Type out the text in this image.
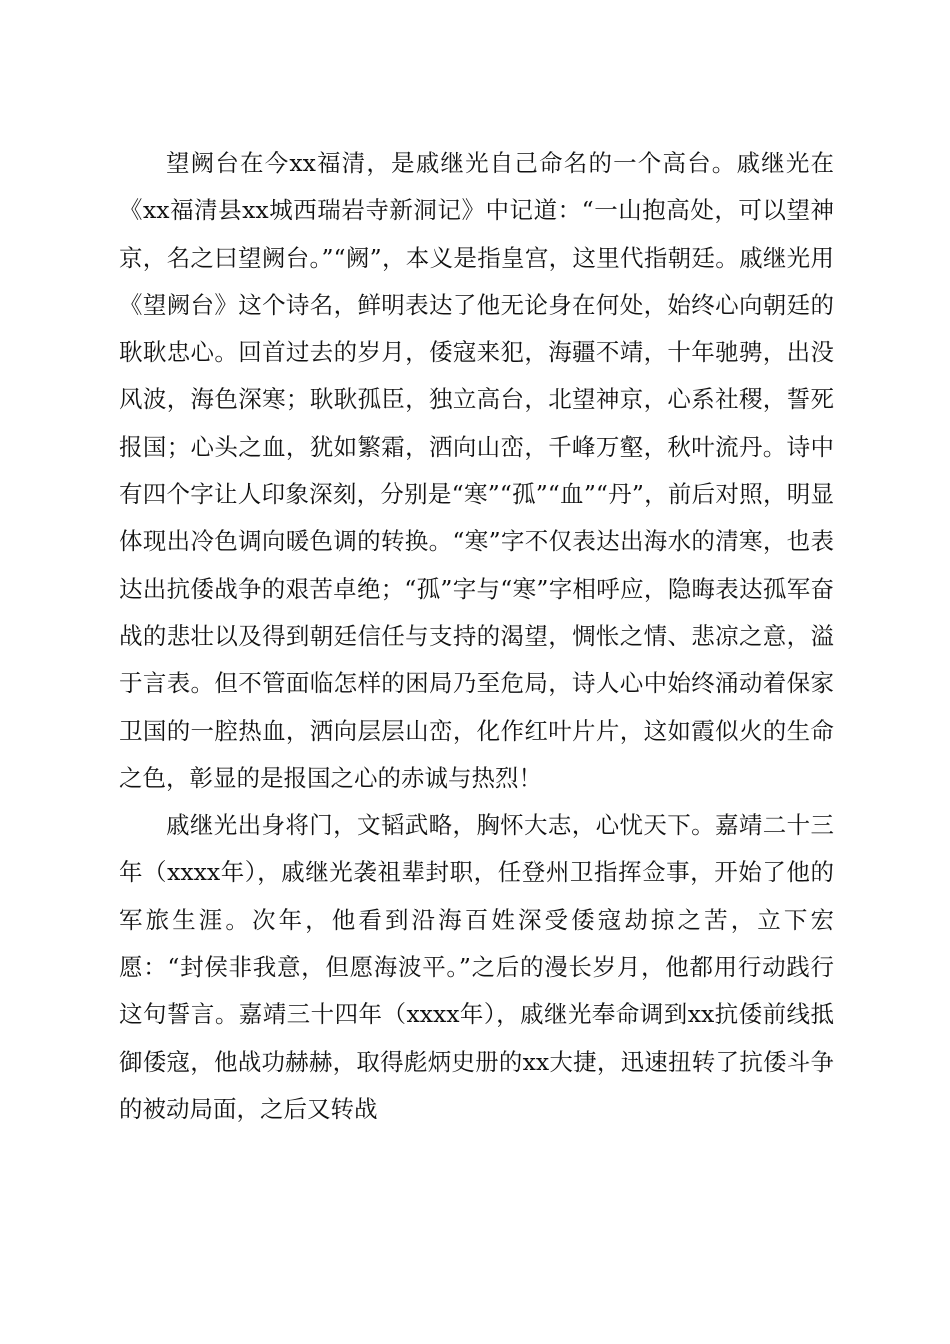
望阙台在今xx福清，是戚继光自己命名的一个高台。戚继光在《xx福清县xx城西瑞岩寺新洞记》中记道：“一山抱高处，可以望神京，名之曰望阙台。”“阙”，本义是指皇宫，这里代指朝廷。戚继光用《望阙台》这个诗名，鲜明表达了他无论身在何处，始终心向朝廷的耿耿忠心。回首过去的岁月，倭寇来犯，海疆不靖，十年驰骋，出没风波，海色深寒；耿耿孤臣，独立高台，北望神京，心系社稷，誓死报国；心头之血，犹如繁霜，洒向山峦，千峰万壑，秋叶流丹。诗中有四个字让人印象深刻，分别是“寒”“孤”“血”“丹”，前后对照，明显体现出冷色调向暖色调的转换。“寒”字不仅表达出海水的清寒，也表达出抗倭战争的艰苦卓绝；“孤”字与“寒”字相呼应，隐晦表达孤军奋战的悲壮以及得到朝廷信任与支持的渴望，惆怅之情、悲凉之意，溢于言表。但不管面临怎样的困局乃至危局，诗人心中始终涌动着保家卫国的一腔热血，洒向层层山峦，化作红叶片片，这如霞似火的生命之色，彰显的是报国之心的赤诚与热烈！

戚继光出身将门，文韬武略，胸怀大志，心忧天下。嘉靖二十三年（xxxx年），戚继光袭祖辈封职，任登州卫指挥佥事，开始了他的军旅生涯。次年，他看到沿海百姓深受倭寇劫掠之苦，立下宏愿：“封侯非我意，但愿海波平。”之后的漫长岁月，他都用行动践行这句誓言。嘉靖三十四年（xxxx年），戚继光奉命调到xx抗倭前线抵御倭寇，他战功赫赫，取得彪炳史册的xx大捷，迅速扭转了抗倭斗争的被动局面，之后又转战
